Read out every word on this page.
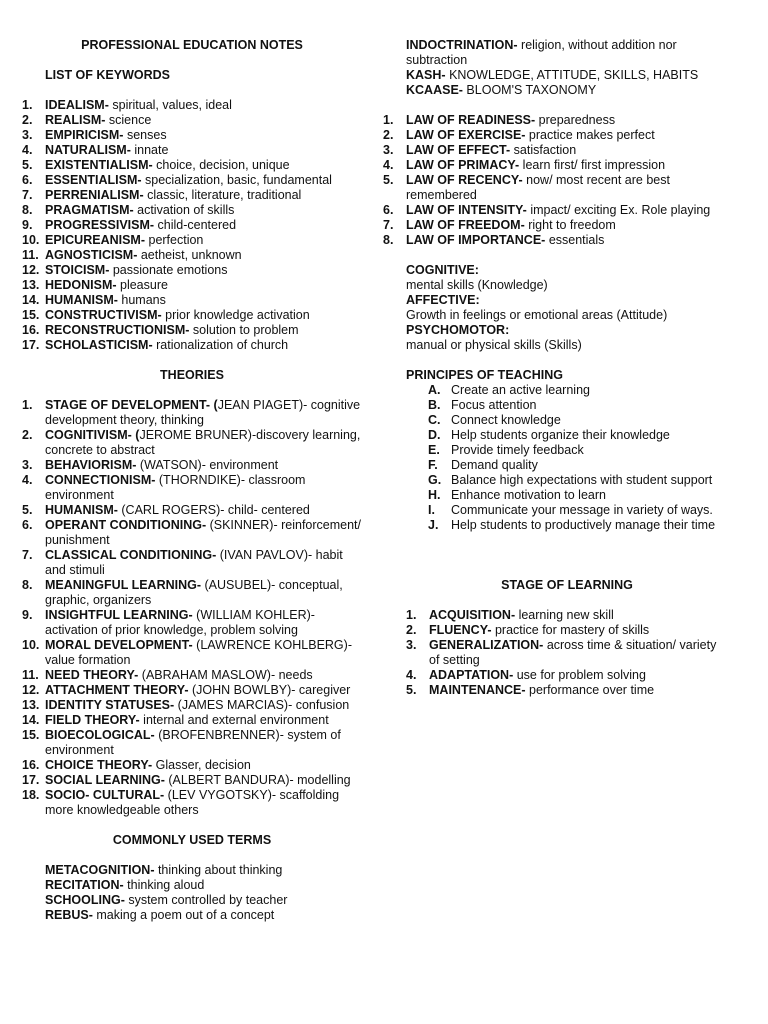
PROFESSIONAL EDUCATION NOTES
LIST OF KEYWORDS
1.	IDEALISM- spiritual, values, ideal
2.	REALISM- science
3.	EMPIRICISM- senses
4.	NATURALISM- innate
5.	EXISTENTIALISM- choice, decision, unique
6.	ESSENTIALISM- specialization, basic, fundamental
7.	PERRENIALISM- classic, literature, traditional
8.	PRAGMATISM- activation of skills
9.	PROGRESSIVISM- child-centered
10. EPICUREANISM- perfection
11. AGNOSTICISM- aetheist, unknown
12. STOICISM- passionate emotions
13. HEDONISM- pleasure
14. HUMANISM- humans
15. CONSTRUCTIVISM- prior knowledge activation
16. RECONSTRUCTIONISM- solution to problem
17. SCHOLASTICISM- rationalization of church
THEORIES
1.	STAGE OF DEVELOPMENT- (JEAN PIAGET)- cognitive development theory, thinking
2.	COGNITIVISM- (JEROME BRUNER)-discovery learning, concrete to abstract
3.	BEHAVIORISM- (WATSON)- environment
4.	CONNECTIONISM- (THORNDIKE)- classroom environment
5.	HUMANISM- (CARL ROGERS)- child- centered
6.	OPERANT CONDITIONING- (SKINNER)- reinforcement/ punishment
7.	CLASSICAL CONDITIONING- (IVAN PAVLOV)- habit and stimuli
8.	MEANINGFUL LEARNING- (AUSUBEL)- conceptual, graphic, organizers
9.	INSIGHTFUL LEARNING- (WILLIAM KOHLER)- activation of prior knowledge, problem solving
10. MORAL DEVELOPMENT- (LAWRENCE KOHLBERG)- value formation
11. NEED THEORY- (ABRAHAM MASLOW)- needs
12. ATTACHMENT THEORY- (JOHN BOWLBY)- caregiver
13. IDENTITY STATUSES- (JAMES MARCIAS)- confusion
14. FIELD THEORY- internal and external environment
15. BIOECOLOGICAL- (BROFENBRENNER)- system of environment
16. CHOICE THEORY- Glasser, decision
17. SOCIAL LEARNING- (ALBERT BANDURA)- modelling
18. SOCIO- CULTURAL- (LEV VYGOTSKY)- scaffolding more knowledgeable others
COMMONLY USED TERMS
METACOGNITION- thinking about thinking
RECITATION- thinking aloud
SCHOOLING- system controlled by teacher
REBUS- making a poem out of a concept
INDOCTRINATION- religion, without addition nor subtraction
KASH- KNOWLEDGE, ATTITUDE, SKILLS, HABITS
KCAASE- BLOOM'S TAXONOMY
1.	LAW OF READINESS- preparedness
2.	LAW OF EXERCISE- practice makes perfect
3.	LAW OF EFFECT- satisfaction
4.	LAW OF PRIMACY- learn first/ first impression
5.	LAW OF RECENCY- now/ most recent are best remembered
6.	LAW OF INTENSITY- impact/ exciting Ex. Role playing
7.	LAW OF FREEDOM- right to freedom
8.	LAW OF IMPORTANCE- essentials
COGNITIVE:
mental skills (Knowledge)
AFFECTIVE:
Growth in feelings or emotional areas (Attitude)
PSYCHOMOTOR:
manual or physical skills (Skills)
PRINCIPES OF TEACHING
A. Create an active learning
B. Focus attention
C. Connect knowledge
D. Help students organize their knowledge
E. Provide timely feedback
F. Demand quality
G. Balance high expectations with student support
H. Enhance motivation to learn
I. Communicate your message in variety of ways.
J. Help students to productively manage their time
STAGE OF LEARNING
1.	ACQUISITION- learning new skill
2.	FLUENCY- practice for mastery of skills
3.	GENERALIZATION- across time & situation/ variety of setting
4.	ADAPTATION- use for problem solving
5.	MAINTENANCE- performance over time
